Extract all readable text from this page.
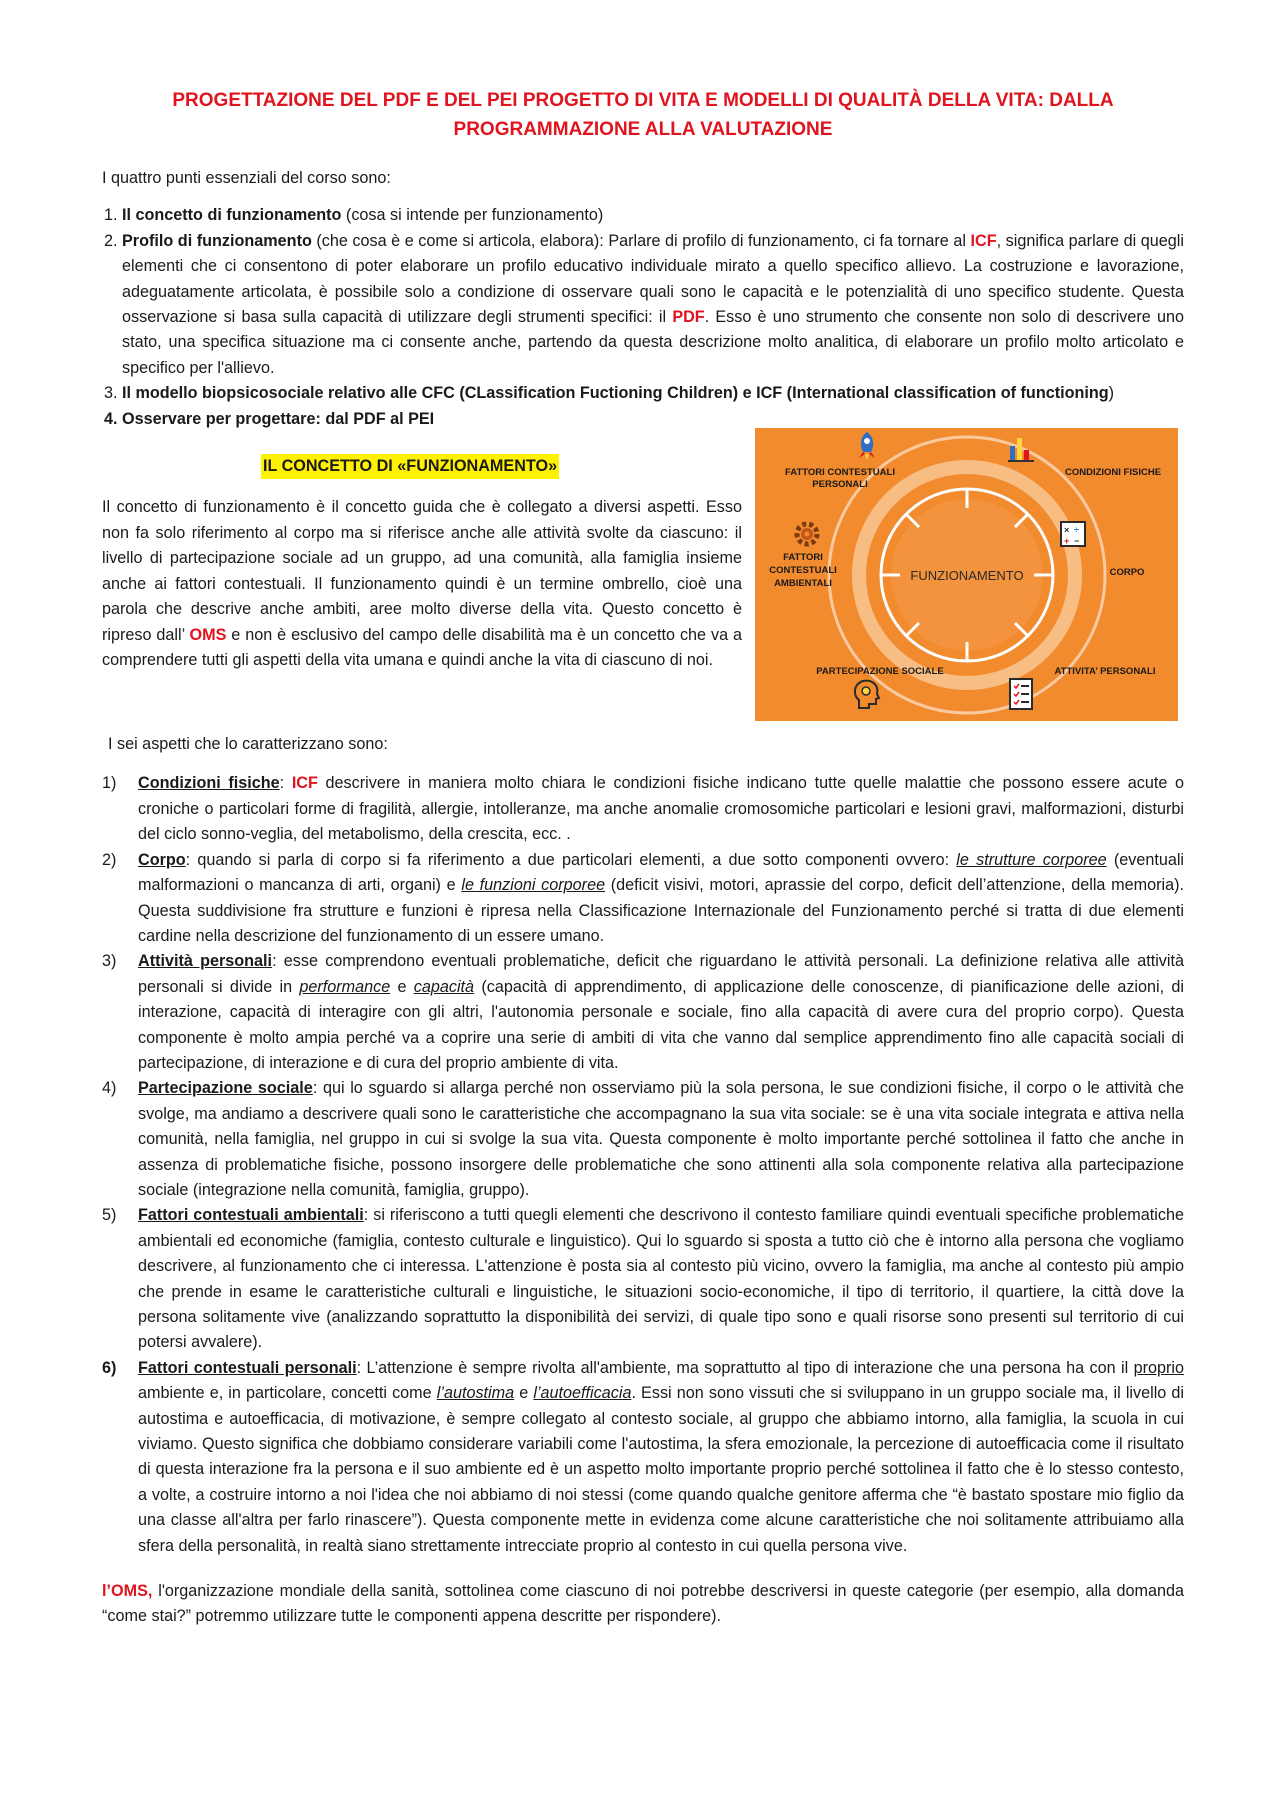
PROGETTAZIONE DEL PDF E DEL PEI PROGETTO DI VITA E MODELLI DI QUALITÀ DELLA VITA: DALLA PROGRAMMAZIONE ALLA VALUTAZIONE

I quattro punti essenziali del corso sono:

1. Il concetto di funzionamento (cosa si intende per funzionamento)
2. Profilo di funzionamento (che cosa è e come si articola, elabora): Parlare di profilo di funzionamento, ci fa tornare al ICF, significa parlare di quegli elementi che ci consentono di poter elaborare un profilo educativo individuale mirato a quello specifico allievo. La costruzione e lavorazione, adeguatamente articolata, è possibile solo a condizione di osservare quali sono le capacità e le potenzialità di uno specifico studente. Questa osservazione si basa sulla capacità di utilizzare degli strumenti specifici: il PDF. Esso è uno strumento che consente non solo di descrivere uno stato, una specifica situazione ma ci consente anche, partendo da questa descrizione molto analitica, di elaborare un profilo molto articolato e specifico per l'allievo.
3. Il modello biopsicosociale relativo alle CFC (CLassification Fuctioning Children) e ICF (International classification of functioning)
4. Osservare per progettare: dal PDF al PEI
IL CONCETTO DI «FUNZIONAMENTO»

Il concetto di funzionamento è il concetto guida che è collegato a diversi aspetti. Esso non fa solo riferimento al corpo ma si riferisce anche alle attività svolte da ciascuno: il livello di partecipazione sociale ad un gruppo, ad una comunità, alla famiglia insieme anche ai fattori contestuali. Il funzionamento quindi è un termine ombrello, cioè una parola che descrive anche ambiti, aree molto diverse della vita. Questo concetto è ripreso dall’ OMS e non è esclusivo del campo delle disabilità ma è un concetto che va a comprendere tutti gli aspetti della vita umana e quindi anche la vita di ciascuno di noi.

FUNZIONAMENTO
FATTORI CONTESTUALI
PERSONALI
CONDIZIONI FISICHE
FATTORI
CONTESTUALI
AMBIENTALI
CORPO
PARTECIPAZIONE SOCIALE	ATTIVITA’ PERSONALI
× ÷
+ −

I sei aspetti che lo caratterizzano sono:

1) Condizioni fisiche: ICF descrivere in maniera molto chiara le condizioni fisiche indicano tutte quelle malattie che possono essere acute o croniche o particolari forme di fragilità, allergie, intolleranze, ma anche anomalie cromosomiche particolari e lesioni gravi, malformazioni, disturbi del ciclo sonno-veglia, del metabolismo, della crescita, ecc. .
2) Corpo: quando si parla di corpo si fa riferimento a due particolari elementi, a due sotto componenti ovvero: le strutture corporee (eventuali malformazioni o mancanza di arti, organi) e le funzioni corporee (deficit visivi, motori, aprassie del corpo, deficit dell’attenzione, della memoria). Questa suddivisione fra strutture e funzioni è ripresa nella Classificazione Internazionale del Funzionamento perché si tratta di due elementi cardine nella descrizione del funzionamento di un essere umano.
3) Attività personali: esse comprendono eventuali problematiche, deficit che riguardano le attività personali. La definizione relativa alle attività personali si divide in performance e capacità (capacità di apprendimento, di applicazione delle conoscenze, di pianificazione delle azioni, di interazione, capacità di interagire con gli altri, l'autonomia personale e sociale, fino alla capacità di avere cura del proprio corpo). Questa componente è molto ampia perché va a coprire una serie di ambiti di vita che vanno dal semplice apprendimento fino alle capacità sociali di partecipazione, di interazione e di cura del proprio ambiente di vita.
4) Partecipazione sociale: qui lo sguardo si allarga perché non osserviamo più la sola persona, le sue condizioni fisiche, il corpo o le attività che svolge, ma andiamo a descrivere quali sono le caratteristiche che accompagnano la sua vita sociale: se è una vita sociale integrata e attiva nella comunità, nella famiglia, nel gruppo in cui si svolge la sua vita. Questa componente è molto importante perché sottolinea il fatto che anche in assenza di problematiche fisiche, possono insorgere delle problematiche che sono attinenti alla sola componente relativa alla partecipazione sociale (integrazione nella comunità, famiglia, gruppo).
5) Fattori contestuali ambientali: si riferiscono a tutti quegli elementi che descrivono il contesto familiare quindi eventuali specifiche problematiche ambientali ed economiche (famiglia, contesto culturale e linguistico). Qui lo sguardo si sposta a tutto ciò che è intorno alla persona che vogliamo descrivere, al funzionamento che ci interessa. L'attenzione è posta sia al contesto più vicino, ovvero la famiglia, ma anche al contesto più ampio che prende in esame le caratteristiche culturali e linguistiche, le situazioni socio-economiche, il tipo di territorio, il quartiere, la città dove la persona solitamente vive (analizzando soprattutto la disponibilità dei servizi, di quale tipo sono e quali risorse sono presenti sul territorio di cui potersi avvalere).
6) Fattori contestuali personali: L’attenzione è sempre rivolta all'ambiente, ma soprattutto al tipo di interazione che una persona ha con il proprio ambiente e, in particolare, concetti come l’autostima e l’autoefficacia. Essi non sono vissuti che si sviluppano in un gruppo sociale ma, il livello di autostima e autoefficacia, di motivazione, è sempre collegato al contesto sociale, al gruppo che abbiamo intorno, alla famiglia, la scuola in cui viviamo. Questo significa che dobbiamo considerare variabili come l'autostima, la sfera emozionale, la percezione di autoefficacia come il risultato di questa interazione fra la persona e il suo ambiente ed è un aspetto molto importante proprio perché sottolinea il fatto che è lo stesso contesto, a volte, a costruire intorno a noi l'idea che noi abbiamo di noi stessi (come quando qualche genitore afferma che “è bastato spostare mio figlio da una classe all'altra per farlo rinascere”). Questa componente mette in evidenza come alcune caratteristiche che noi solitamente attribuiamo alla sfera della personalità, in realtà siano strettamente intrecciate proprio al contesto in cui quella persona vive.

l’OMS, l'organizzazione mondiale della sanità, sottolinea come ciascuno di noi potrebbe descriversi in queste categorie (per esempio, alla domanda “come stai?” potremmo utilizzare tutte le componenti appena descritte per rispondere).
